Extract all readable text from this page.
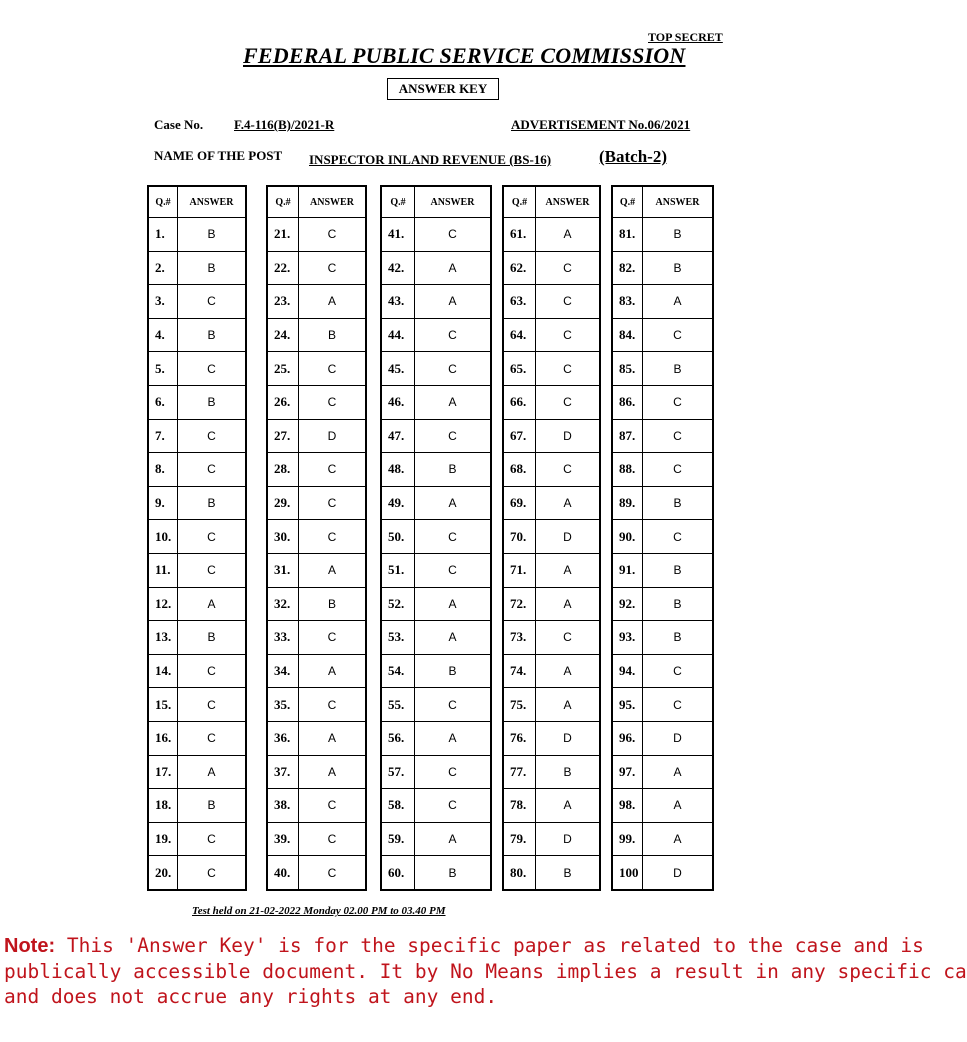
TOP SECRET
FEDERAL PUBLIC SERVICE COMMISSION
ANSWER KEY
Case No. F.4-116(B)/2021-R	ADVERTISEMENT No.06/2021
NAME OF THE POST INSPECTOR INLAND REVENUE (BS-16)	(Batch-2)
Q.#	ANSWER
1.	B
2.	B
3.	C
4.	B
5.	C
6.	B
7.	C
8.	C
9.	B
10.	C
11.	C
12.	A
13.	B
14.	C
15.	C
16.	C
17.	A
18.	B
19.	C
20.	C
Q.#	ANSWER
21.	C
22.	C
23.	A
24.	B
25.	C
26.	C
27.	D
28.	C
29.	C
30.	C
31.	A
32.	B
33.	C
34.	A
35.	C
36.	A
37.	A
38.	C
39.	C
40.	C
Q.#	ANSWER
41.	C
42.	A
43.	A
44.	C
45.	C
46.	A
47.	C
48.	B
49.	A
50.	C
51.	C
52.	A
53.	A
54.	B
55.	C
56.	A
57.	C
58.	C
59.	A
60.	B
Q.#	ANSWER
61.	A
62.	C
63.	C
64.	C
65.	C
66.	C
67.	D
68.	C
69.	A
70.	D
71.	A
72.	A
73.	C
74.	A
75.	A
76.	D
77.	B
78.	A
79.	D
80.	B
Q.#	ANSWER
81.	B
82.	B
83.	A
84.	C
85.	B
86.	C
87.	C
88.	C
89.	B
90.	C
91.	B
92.	B
93.	B
94.	C
95.	C
96.	D
97.	A
98.	A
99.	A
100	D
Test held on 21-02-2022 Monday 02.00 PM to 03.40 PM
Note: This 'Answer Key' is for the specific paper as related to the case and is
publically accessible document. It by No Means implies a result in any specific ca
and does not accrue any rights at any end.
